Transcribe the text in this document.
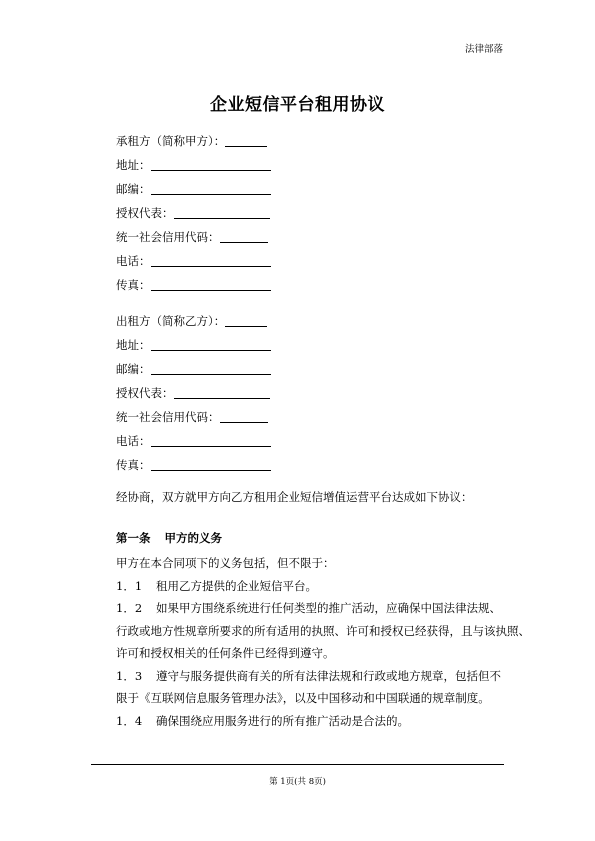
法律部落
企业短信平台租用协议
承租方（简称甲方）：
地址：
邮编：
授权代表：
统一社会信用代码：
电话：
传真：
出租方（简称乙方）：
地址：
邮编：
授权代表：
统一社会信用代码：
电话：
传真：
经协商，双方就甲方向乙方租用企业短信增值运营平台达成如下协议：
第一条 甲方的义务

甲方在本合同项下的义务包括，但不限于：

1．1 租用乙方提供的企业短信平台。

1．2 如果甲方围绕系统进行任何类型的推广活动，应确保中国法律法规、

行政或地方性规章所要求的所有适用的执照、许可和授权已经获得，且与该执照、

许可和授权相关的任何条件已经得到遵守。

1．3 遵守与服务提供商有关的所有法律法规和行政或地方规章，包括但不

限于《互联网信息服务管理办法》，以及中国移动和中国联通的规章制度。

1．4 确保围绕应用服务进行的所有推广活动是合法的。

第 1页(共 8页)
